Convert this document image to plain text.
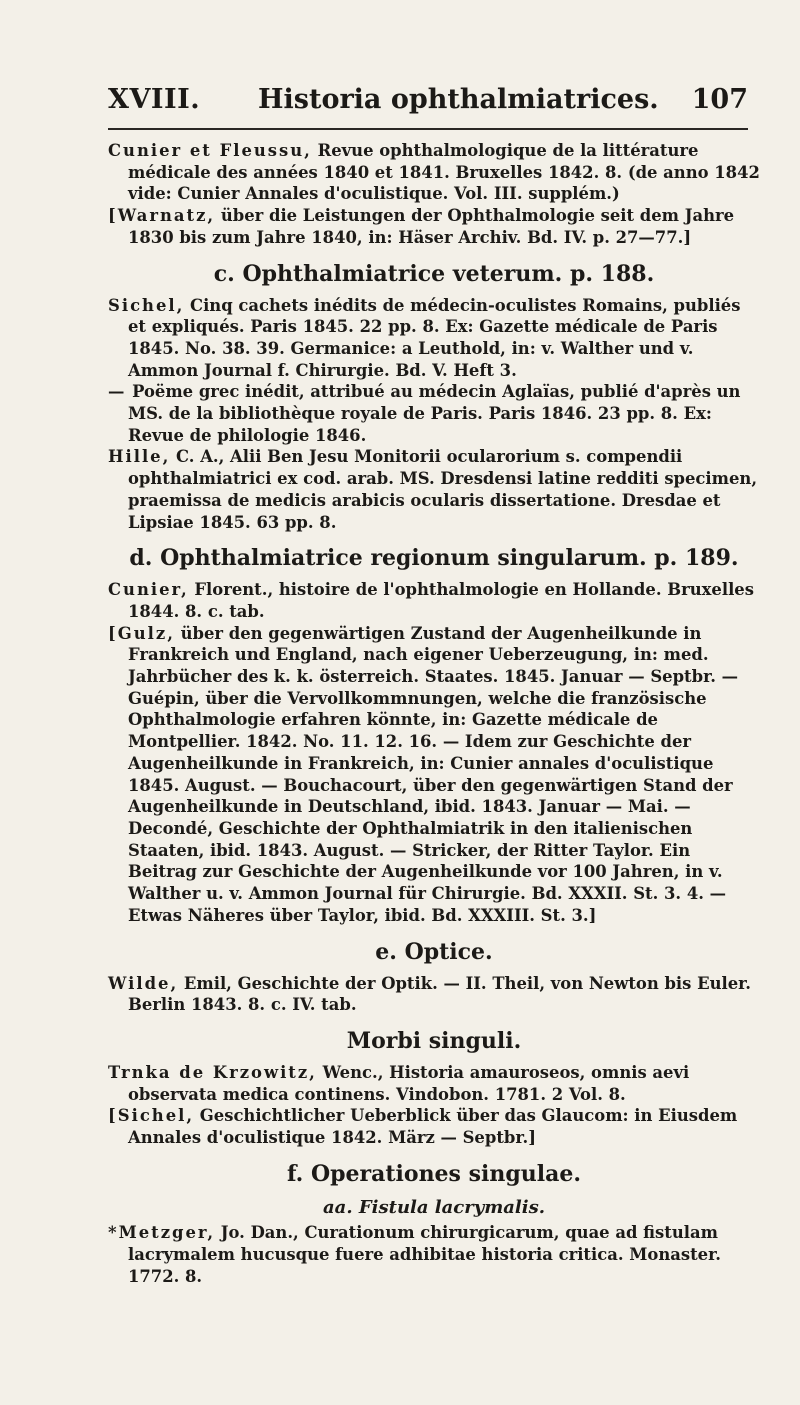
XVIII. Historia ophthalmiatrices. 107

Cunier et Fleussu, Revue ophthalmologique de la littérature médicale des années 1840 et 1841. Bruxelles 1842. 8. (de anno 1842 vide: Cunier Annales d'oculistique. Vol. III. supplém.)

[Warnatz, über die Leistungen der Ophthalmologie seit dem Jahre 1830 bis zum Jahre 1840, in: Häser Archiv. Bd. IV. p. 27—77.]

c. Ophthalmiatrice veterum. p. 188.

Sichel, Cinq cachets inédits de médecin-oculistes Romains, publiés et expliqués. Paris 1845. 22 pp. 8. Ex: Gazette médicale de Paris 1845. No. 38. 39. Germanice: a Leuthold, in: v. Walther und v. Ammon Journal f. Chirurgie. Bd. V. Heft 3.

— Poëme grec inédit, attribué au médecin Aglaïas, publié d'après un MS. de la bibliothèque royale de Paris. Paris 1846. 23 pp. 8. Ex: Revue de philologie 1846.

Hille, C. A., Alii Ben Jesu Monitorii ocularorium s. compendii ophthalmiatrici ex cod. arab. MS. Dresdensi latine redditi specimen, praemissa de medicis arabicis ocularis dissertatione. Dresdae et Lipsiae 1845. 63 pp. 8.

d. Ophthalmiatrice regionum singularum. p. 189.

Cunier, Florent., histoire de l'ophthalmologie en Hollande. Bruxelles 1844. 8. c. tab.

[Gulz, über den gegenwärtigen Zustand der Augenheilkunde in Frankreich und England, nach eigener Ueberzeugung, in: med. Jahrbücher des k. k. österreich. Staates. 1845. Januar — Septbr. — Guépin, über die Vervollkommnungen, welche die französische Ophthalmologie erfahren könnte, in: Gazette médicale de Montpellier. 1842. No. 11. 12. 16. — Idem zur Geschichte der Augenheilkunde in Frankreich, in: Cunier annales d'oculistique 1845. August. — Bouchacourt, über den gegenwärtigen Stand der Augenheilkunde in Deutschland, ibid. 1843. Januar — Mai. — Decondé, Geschichte der Ophthalmiatrik in den italienischen Staaten, ibid. 1843. August. — Stricker, der Ritter Taylor. Ein Beitrag zur Geschichte der Augenheilkunde vor 100 Jahren, in v. Walther u. v. Ammon Journal für Chirurgie. Bd. XXXII. St. 3. 4. — Etwas Näheres über Taylor, ibid. Bd. XXXIII. St. 3.]

e. Optice.

Wilde, Emil, Geschichte der Optik. — II. Theil, von Newton bis Euler. Berlin 1843. 8. c. IV. tab.

Morbi singuli.

Trnka de Krzowitz, Wenc., Historia amauroseos, omnis aevi observata medica continens. Vindobon. 1781. 2 Vol. 8.

[Sichel, Geschichtlicher Ueberblick über das Glaucom: in Eiusdem Annales d'oculistique 1842. März — Septbr.]

f. Operationes singulae.
aa. Fistula lacrymalis.

*Metzger, Jo. Dan., Curationum chirurgicarum, quae ad fistulam lacrymalem hucusque fuere adhibitae historia critica. Monaster. 1772. 8.
